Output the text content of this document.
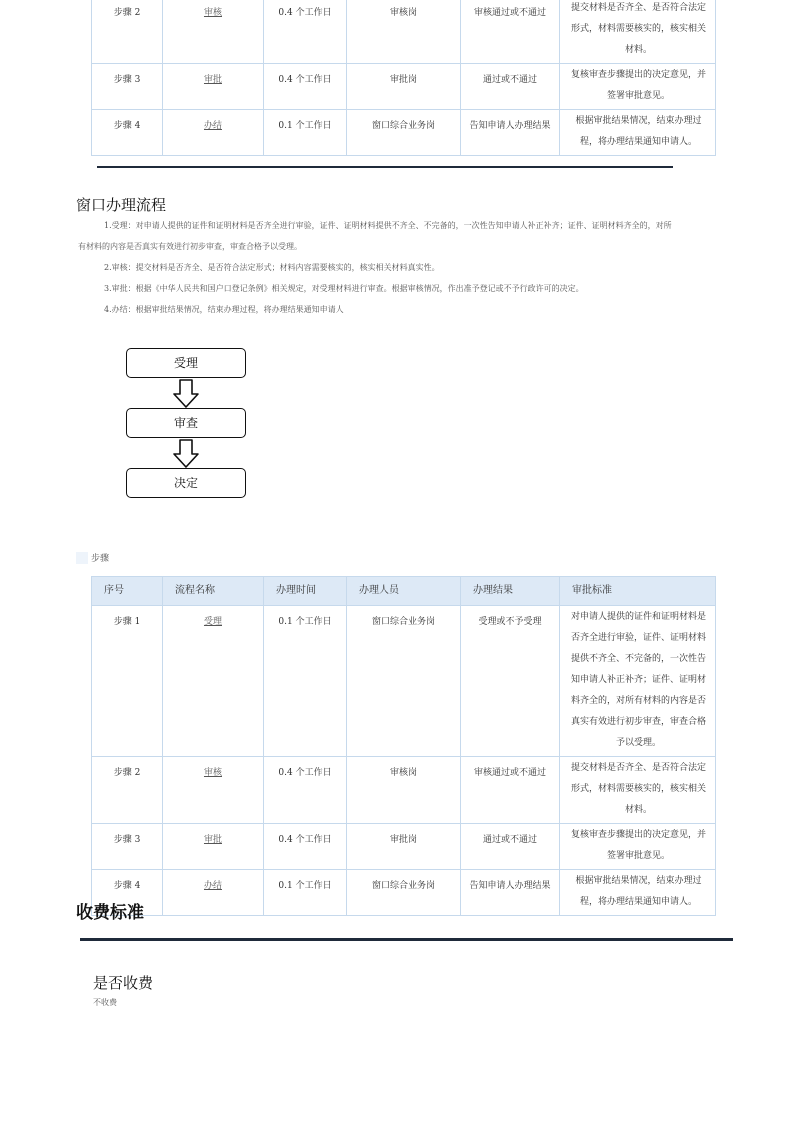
步骤 2	审核	0.4 个工作日	审核岗	审核通过或不通过	提交材料是否齐全、是否符合法定形式，材料需要核实的，核实相关材料。
步骤 3	审批	0.4 个工作日	审批岗	通过或不通过	复核审查步骤提出的决定意见，并签署审批意见。
步骤 4	办结	0.1 个工作日	窗口综合业务岗	告知申请人办理结果	根据审批结果情况，结束办理过程，将办理结果通知申请人。
窗口办理流程
1.受理：对申请人提供的证件和证明材料是否齐全进行审验，证件、证明材料提供不齐全、不完备的，一次性告知申请人补正补齐；证件、证明材料齐全的，对所有材料的内容是否真实有效进行初步审查，审查合格予以受理。
2.审核：提交材料是否齐全、是否符合法定形式；材料内容需要核实的，核实相关材料真实性。
3.审批：根据《中华人民共和国户口登记条例》相关规定，对受理材料进行审查。根据审核情况，作出准予登记或不予行政许可的决定。
4.办结：根据审批结果情况，结束办理过程，将办理结果通知申请人
受理
审查
决定
步骤
序号	流程名称	办理时间	办理人员	办理结果	审批标准
步骤 1	受理	0.1 个工作日	窗口综合业务岗	受理或不予受理	对申请人提供的证件和证明材料是否齐全进行审验，证件、证明材料提供不齐全、不完备的，一次性告知申请人补正补齐；证件、证明材料齐全的，对所有材料的内容是否真实有效进行初步审查，审查合格予以受理。
步骤 2	审核	0.4 个工作日	审核岗	审核通过或不通过	提交材料是否齐全、是否符合法定形式，材料需要核实的，核实相关材料。
步骤 3	审批	0.4 个工作日	审批岗	通过或不通过	复核审查步骤提出的决定意见，并签署审批意见。
步骤 4	办结	0.1 个工作日	窗口综合业务岗	告知申请人办理结果	根据审批结果情况，结束办理过程，将办理结果通知申请人。
收费标准
是否收费
不收费
